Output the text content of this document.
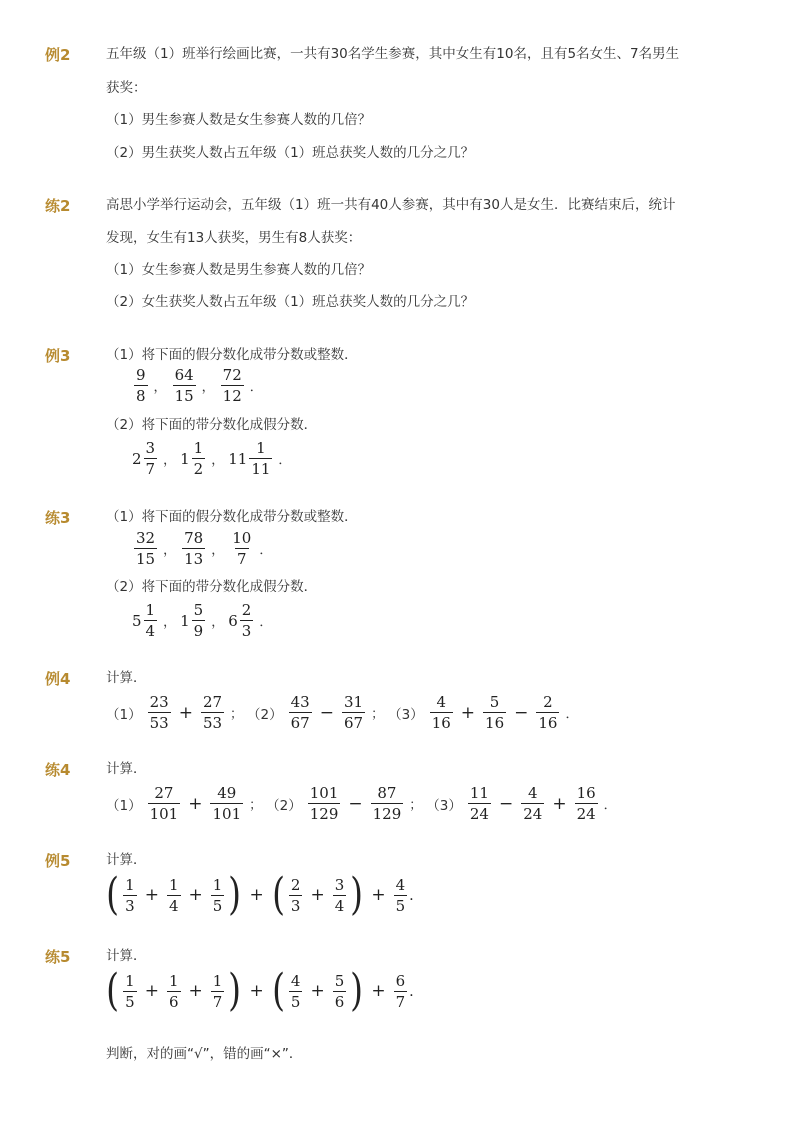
例2	五年级（1）班举行绘画比赛，一共有30名学生参赛，其中女生有10名，且有5名女生、7名男生
获奖：
（1）男生参赛人数是女生参赛人数的几倍？
（2）男生获奖人数占五年级（1）班总获奖人数的几分之几？
练2	高思小学举行运动会，五年级（1）班一共有40人参赛，其中有30人是女生．比赛结束后，统计
发现，女生有13人获奖，男生有8人获奖：
（1）女生参赛人数是男生参赛人数的几倍？
（2）女生获奖人数占五年级（1）班总获奖人数的几分之几？
例3	（1）将下面的假分数化成带分数或整数．
$\frac{9}{8}$ ， $\frac{64}{15}$ ， $\frac{72}{12}$ ．
（2）将下面的带分数化成假分数．
$2 \frac{3}{7}$ ， $1 \frac{1}{2}$ ， $11 \frac{1}{11}$ ．
练3	（1）将下面的假分数化成带分数或整数．
$\frac{32}{15}$ ， $\frac{78}{13}$ ， $\frac{10}{7}$ ．
（2）将下面的带分数化成假分数．
$5 \frac{1}{4}$ ， $1 \frac{5}{9}$ ， $6 \frac{2}{3}$ ．
例4	计算．
$(1) \frac{23}{53} + \frac{27}{53}$ ； $(2) \frac{43}{67} - \frac{31}{67}$ ； $(3) \frac{4}{16} + \frac{5}{16} - \frac{2}{16}$ ．
练4	计算．
$(1) \frac{27}{101} + \frac{49}{101}$ ； $(2) \frac{101}{129} - \frac{87}{129}$ ； $(3) \frac{11}{24} - \frac{4}{24} + \frac{16}{24}$ ．
例5	计算．
( $\frac{1}{3} + \frac{1}{4} + \frac{1}{5}$ ) + ( $\frac{2}{3} + \frac{3}{4}$ ) + $\frac{4}{5}$ ．
练5	计算．
( $\frac{1}{5} + \frac{1}{6} + \frac{1}{7}$ ) + ( $\frac{4}{5} + \frac{5}{6}$ ) + $\frac{6}{7}$ ．
判断，对的画“√”，错的画“×”．
